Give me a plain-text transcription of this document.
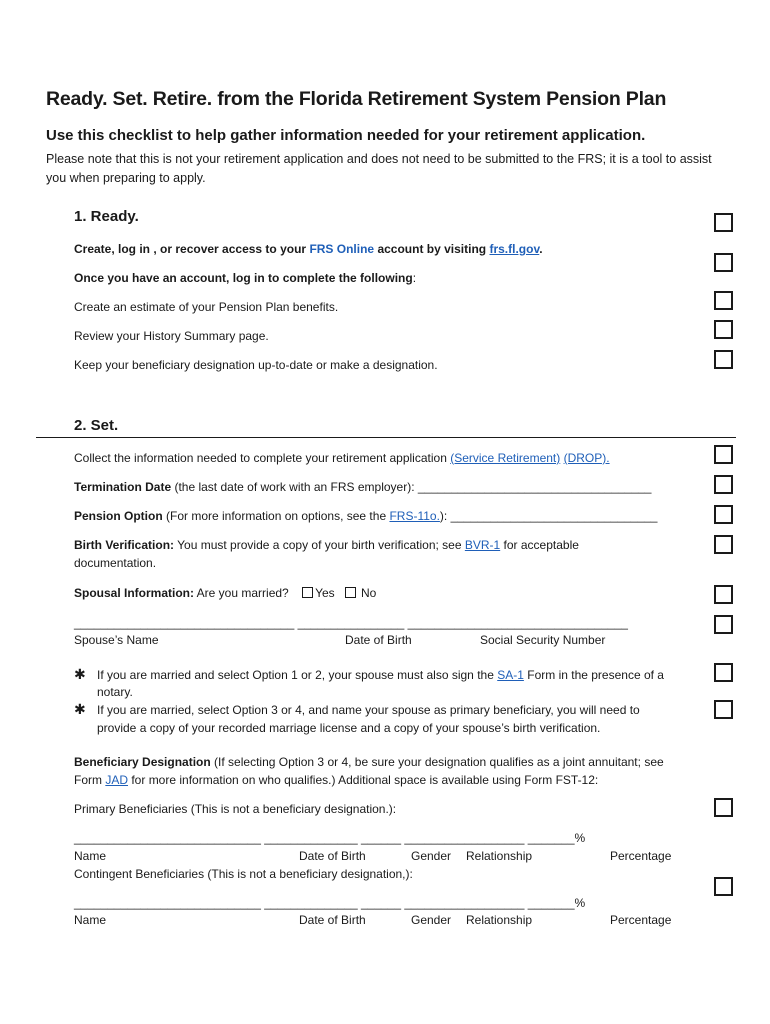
Ready. Set. Retire. from the Florida Retirement System Pension Plan
Use this checklist to help gather information needed for your retirement application.
Please note that this is not your retirement application and does not need to be submitted to the FRS; it is a tool to assist you when preparing to apply.
1. Ready.
Create, log in , or recover access to your FRS Online account by visiting frs.fl.gov.
Once you have an account, log in to complete the following:
Create an estimate of your Pension Plan benefits.
Review your History Summary page.
Keep your beneficiary designation up-to-date or make a designation.
2. Set.
Collect the information needed to complete your retirement application (Service Retirement) (DROP).
Termination Date (the last date of work with an FRS employer): ___________________________________
Pension Option (For more information on options, see the FRS-11o.): _______________________________
Birth Verification: You must provide a copy of your birth verification; see BVR-1 for acceptable
documentation.
Spousal Information: Are you married? Yes No
_________________________________ ________________ _________________________________
Spouse’s Name	Date of Birth	Social Security Number
✱ If you are married and select Option 1 or 2, your spouse must also sign the SA-1 Form in the presence of a
notary.
✱ If you are married, select Option 3 or 4, and name your spouse as primary beneficiary, you will need to
provide a copy of your recorded marriage license and a copy of your spouse’s birth verification.
Beneficiary Designation (If selecting Option 3 or 4, be sure your designation qualifies as a joint annuitant; see
Form JAD for more information on who qualifies.) Additional space is available using Form FST-12:
Primary Beneficiaries (This is not a beneficiary designation.):
____________________________ ______________ ______ __________________ _______%
Name	Date of Birth	Gender Relationship	Percentage
Contingent Beneficiaries (This is not a beneficiary designation,):
____________________________ ______________ ______ __________________ _______%
Name	Date of Birth	Gender Relationship	Percentage
